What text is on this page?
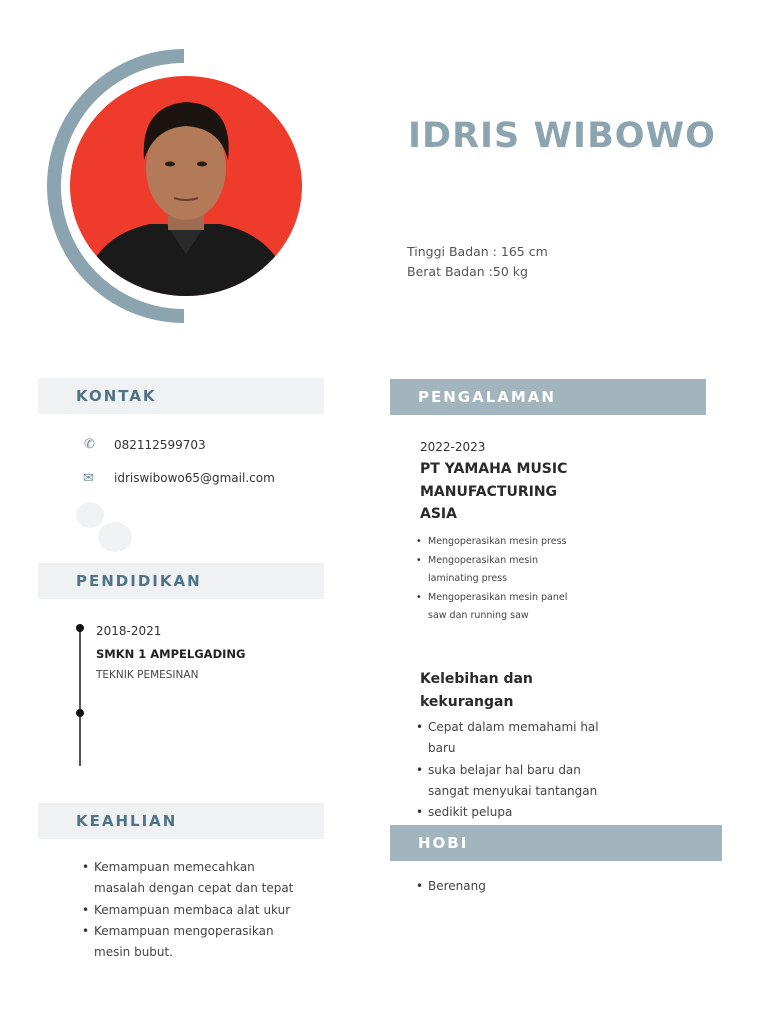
IDRIS WIBOWO
Tinggi Badan : 165 cm
Berat Badan :50 kg
KONTAK
✆ 082112599703
✉ idriswibowo65@gmail.com
PENDIDIKAN
2018-2021
SMKN 1 AMPELGADING
TEKNIK PEMESINAN
KEAHLIAN
• Kemampuan memecahkan
masalah dengan cepat dan tepat
• Kemampuan membaca alat ukur
• Kemampuan mengoperasikan
mesin bubut.
PENGALAMAN
2022-2023
PT YAMAHA MUSIC
MANUFACTURING
ASIA
• Mengoperasikan mesin press
• Mengoperasikan mesin
laminating press
• Mengoperasikan mesin panel
saw dan running saw
Kelebihan dan
kekurangan
• Cepat dalam memahami hal
baru
• suka belajar hal baru dan
sangat menyukai tantangan
• sedikit pelupa
HOBI
• Berenang
